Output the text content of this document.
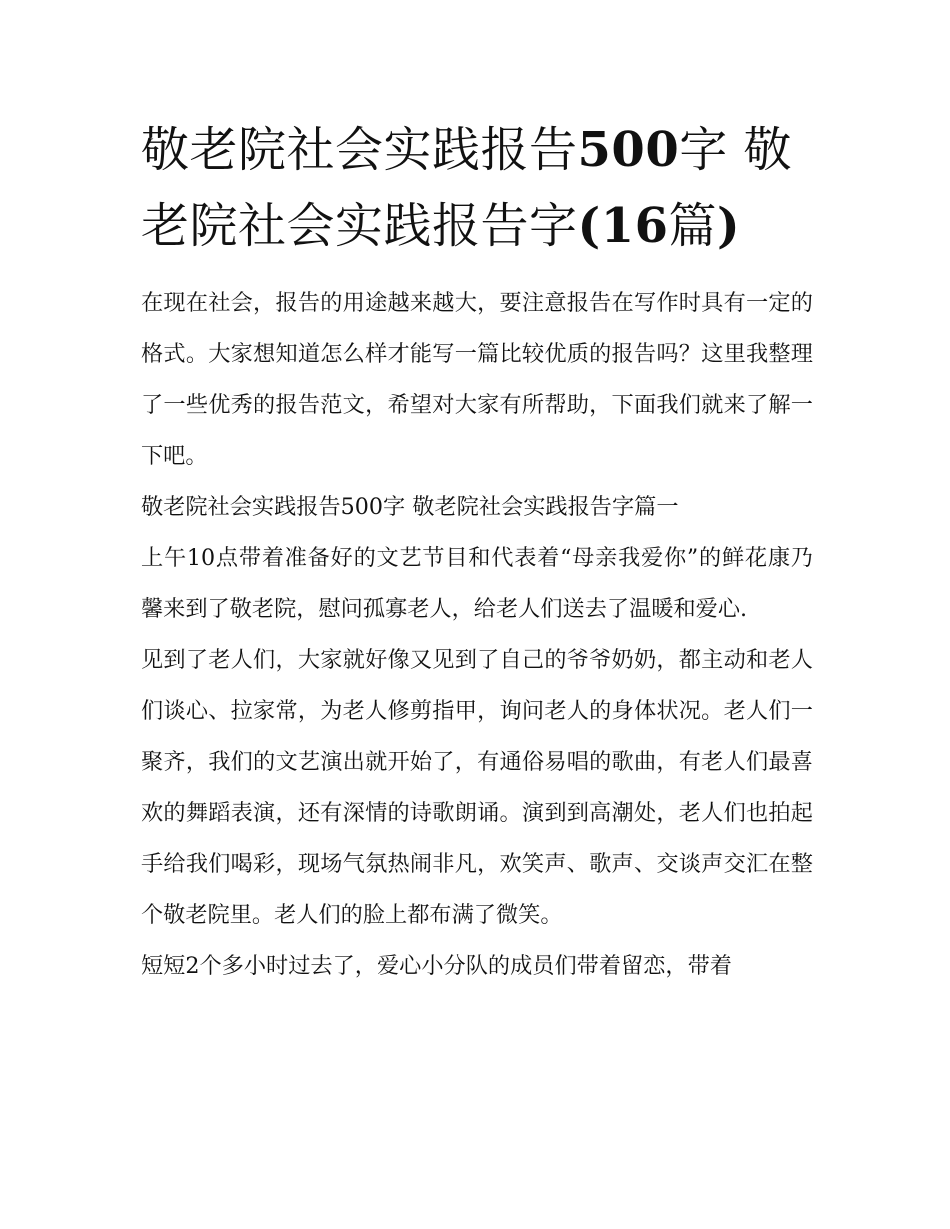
敬老院社会实践报告500字 敬老院社会实践报告字(16篇)

在现在社会，报告的用途越来越大，要注意报告在写作时具有一定的格式。大家想知道怎么样才能写一篇比较优质的报告吗？这里我整理了一些优秀的报告范文，希望对大家有所帮助，下面我们就来了解一下吧。

敬老院社会实践报告500字 敬老院社会实践报告字篇一

上午10点带着准备好的文艺节目和代表着“母亲我爱你”的鲜花康乃馨来到了敬老院，慰问孤寡老人，给老人们送去了温暖和爱心.

见到了老人们，大家就好像又见到了自己的爷爷奶奶，都主动和老人们谈心、拉家常，为老人修剪指甲，询问老人的身体状况。老人们一聚齐，我们的文艺演出就开始了，有通俗易唱的歌曲，有老人们最喜欢的舞蹈表演，还有深情的诗歌朗诵。演到到高潮处，老人们也拍起手给我们喝彩，现场气氛热闹非凡，欢笑声、歌声、交谈声交汇在整个敬老院里。老人们的脸上都布满了微笑。

短短2个多小时过去了，爱心小分队的成员们带着留恋，带着
